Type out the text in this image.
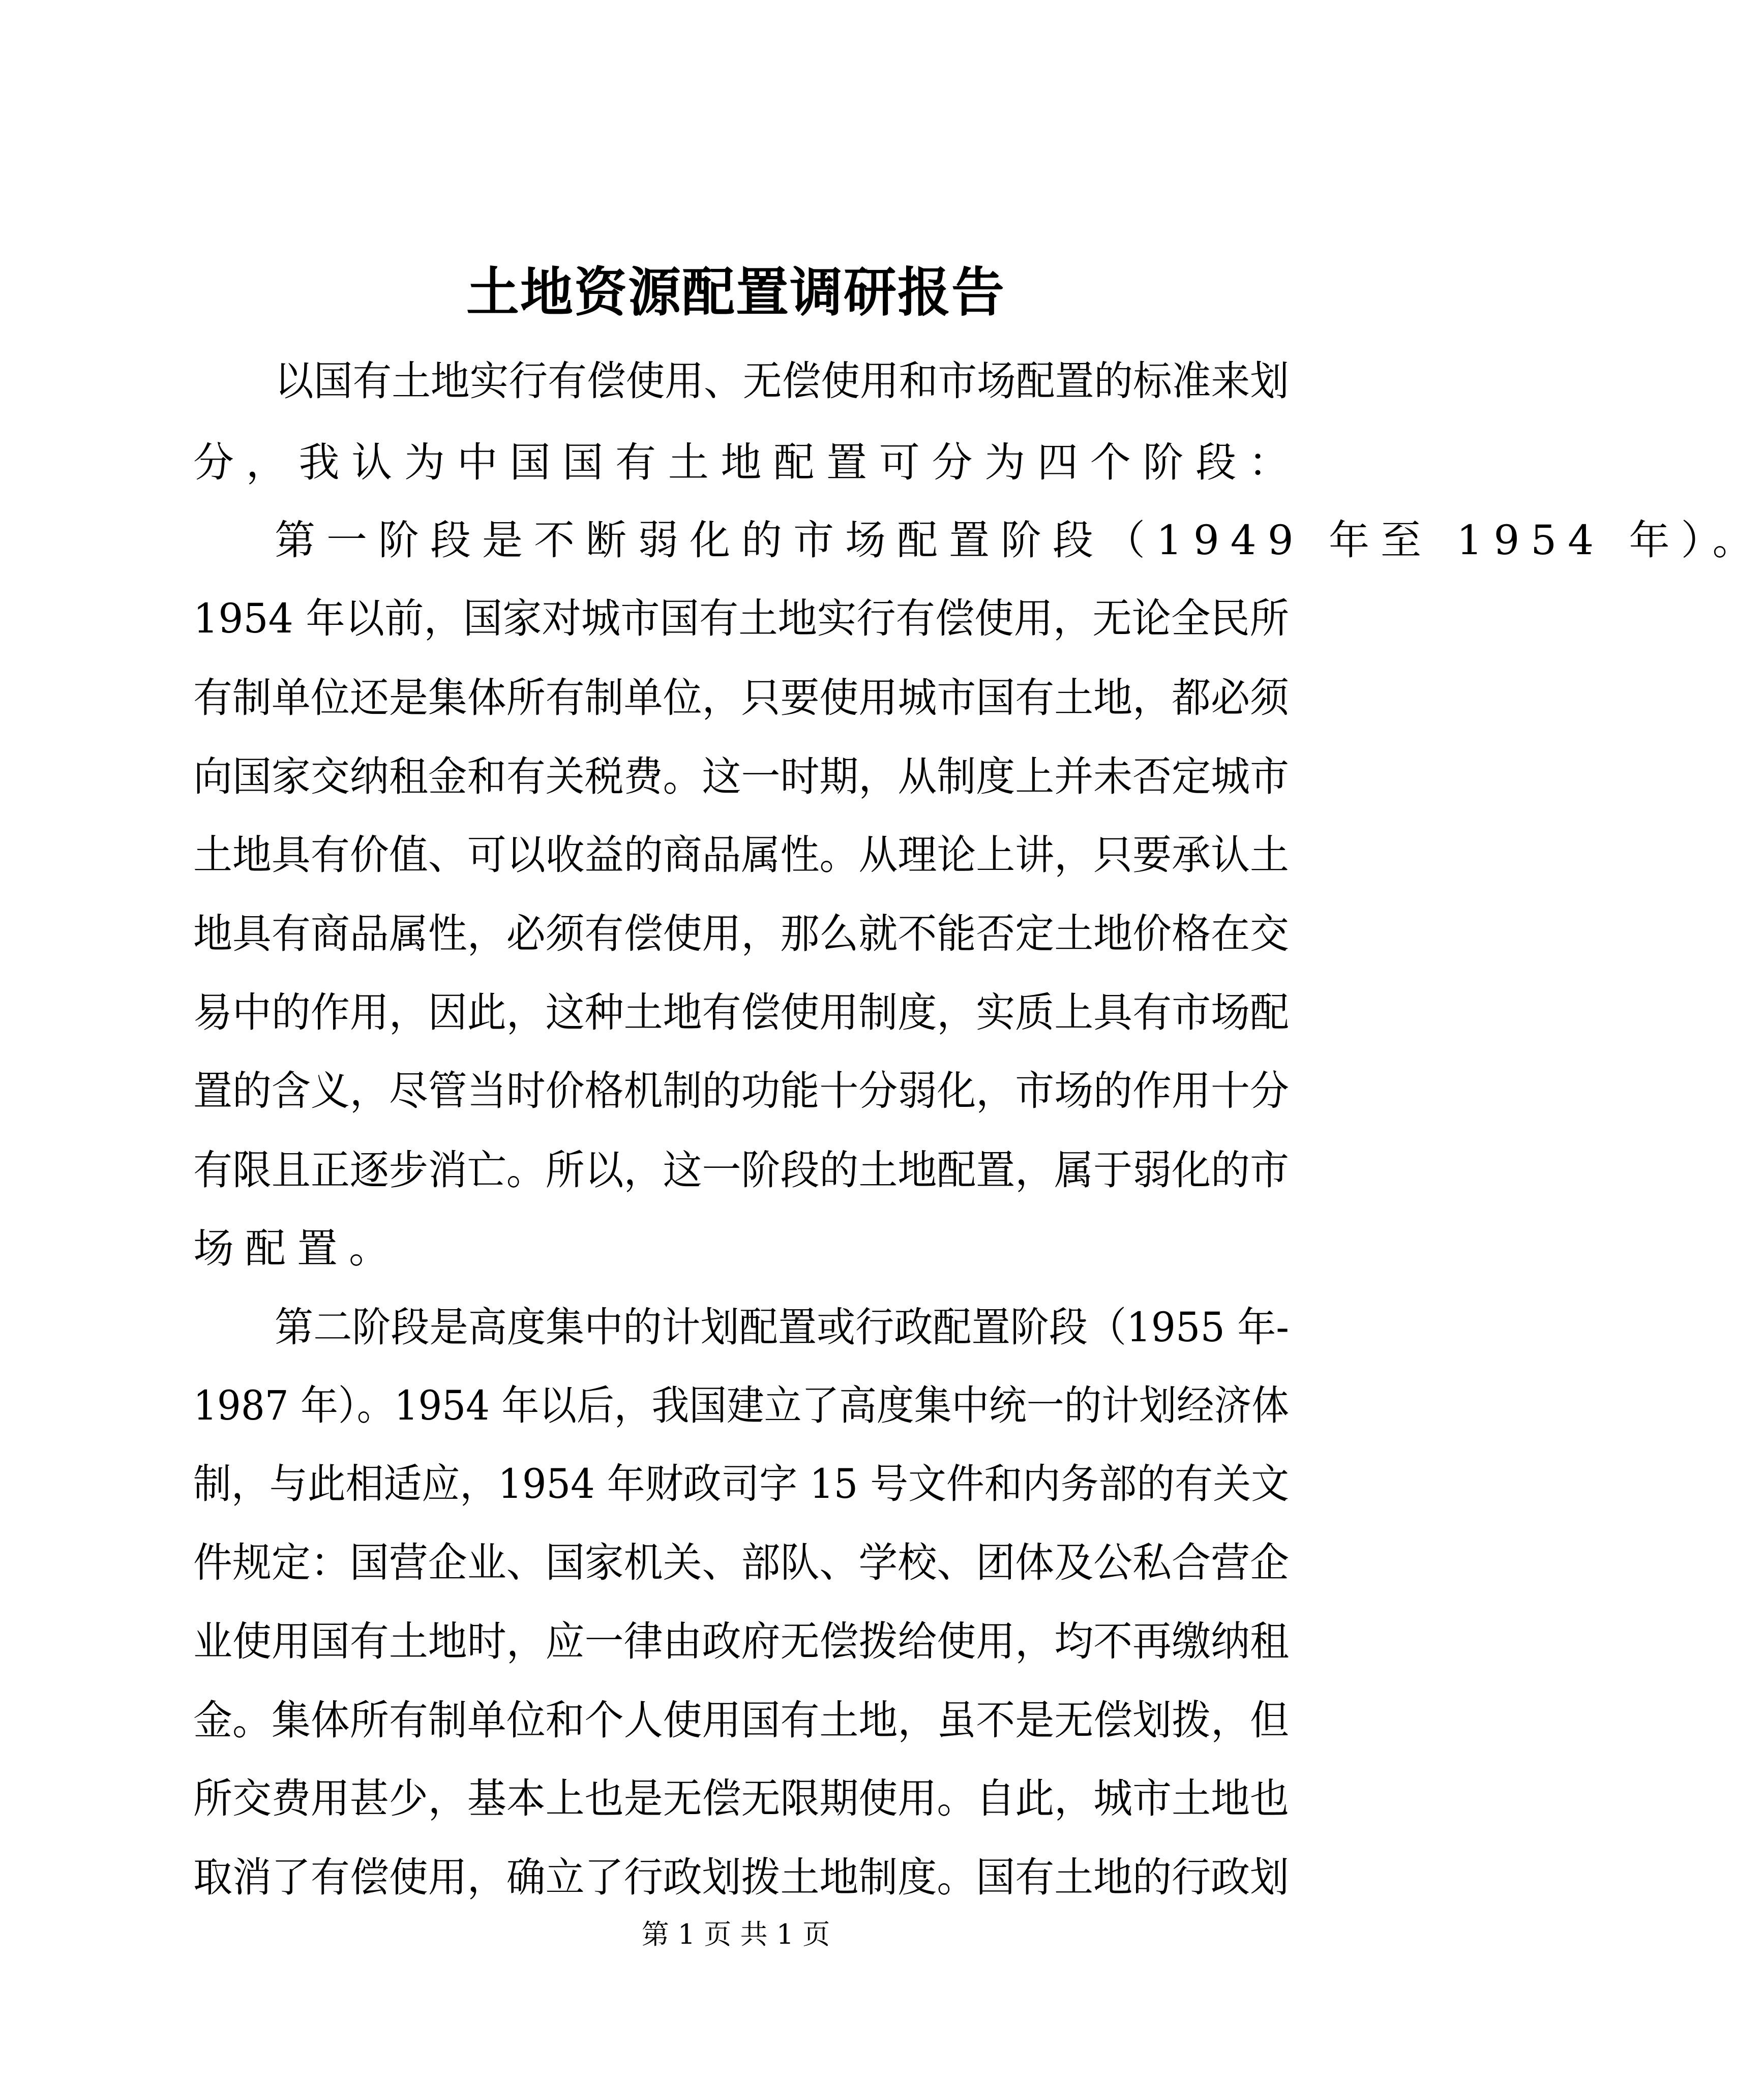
土地资源配置调研报告

以国有土地实行有偿使用、无偿使用和市场配置的标准来划

分，我认为中国国有土地配置可分为四个阶段：

第一阶段是不断弱化的市场配置阶段（1949 年至 1954 年）。

1954 年以前，国家对城市国有土地实行有偿使用，无论全民所

有制单位还是集体所有制单位，只要使用城市国有土地，都必须

向国家交纳租金和有关税费。这一时期，从制度上并未否定城市

土地具有价值、可以收益的商品属性。从理论上讲，只要承认土

地具有商品属性，必须有偿使用，那么就不能否定土地价格在交

易中的作用，因此，这种土地有偿使用制度，实质上具有市场配

置的含义，尽管当时价格机制的功能十分弱化，市场的作用十分

有限且正逐步消亡。所以，这一阶段的土地配置，属于弱化的市

场配置。

第二阶段是高度集中的计划配置或行政配置阶段（1955 年-

1987 年）。1954 年以后，我国建立了高度集中统一的计划经济体

制，与此相适应，1954 年财政司字 15 号文件和内务部的有关文

件规定：国营企业、国家机关、部队、学校、团体及公私合营企

业使用国有土地时，应一律由政府无偿拨给使用，均不再缴纳租

金。集体所有制单位和个人使用国有土地，虽不是无偿划拨，但

所交费用甚少，基本上也是无偿无限期使用。自此，城市土地也

取消了有偿使用，确立了行政划拨土地制度。国有土地的行政划

第 1 页 共 1 页
